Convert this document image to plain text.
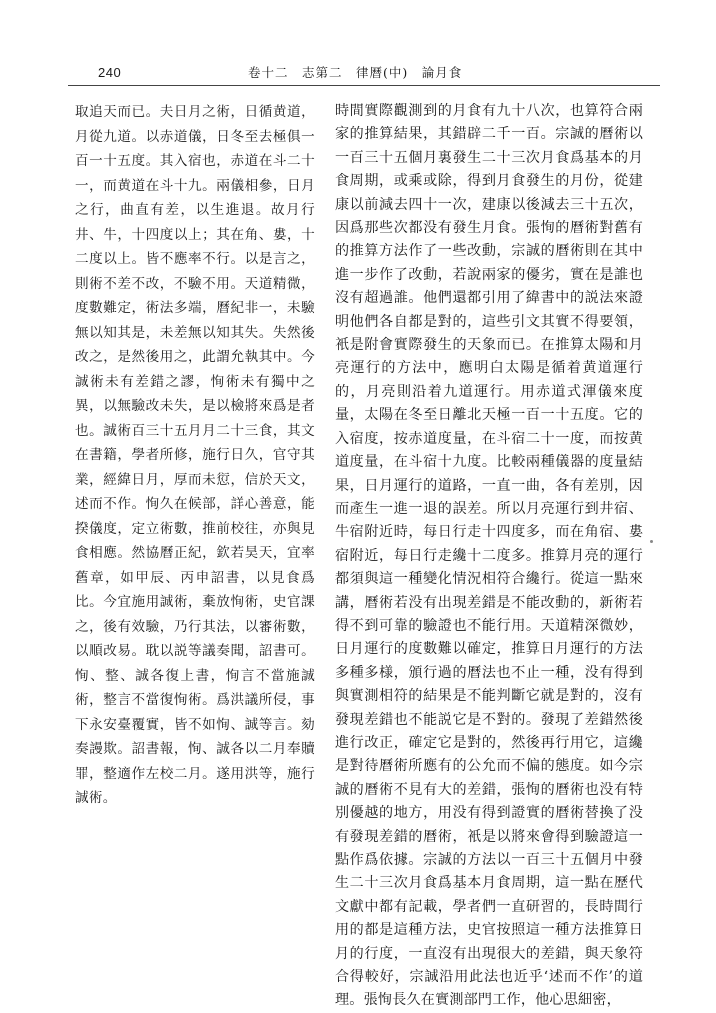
240	卷十二　志第二　律曆(中)　論月食

取追天而已。夫日月之術，日循黄道，月從九道。以赤道儀，日冬至去極俱一百一十五度。其入宿也，赤道在斗二十一，而黄道在斗十九。兩儀相參，日月之行，曲直有差，以生進退。故月行井、牛，十四度以上；其在角、婁，十二度以上。皆不應率不行。以是言之，則術不差不改，不驗不用。天道精微，度數難定，術法多端，曆紀非一，未驗無以知其是，未差無以知其失。失然後改之，是然後用之，此謂允執其中。今誠術未有差錯之謬，恂術未有獨中之異，以無驗改未失，是以檢將來爲是者也。誠術百三十五月月二十三食，其文在書籍，學者所修，施行日久，官守其業，經緯日月，厚而未愆，信於天文，述而不作。恂久在候部，詳心善意，能揆儀度，定立術數，推前校往，亦與見食相應。然協曆正紀，欽若昊天，宜率舊章，如甲辰、丙申詔書，以見食爲比。今宜施用誠術，棄放恂術，史官課之，後有效驗，乃行其法，以審術數，以順改易。耽以説等議奏聞，詔書可。恂、整、誠各復上書，恂言不當施誠術，整言不當復恂術。爲洪議所侵，事下永安臺覆實，皆不如恂、誠等言。劾奏謾欺。詔書報，恂、誠各以二月奉贖罪，整適作左校二月。遂用洪等，施行誠術。

時間實際觀測到的月食有九十八次，也算符合兩家的推算結果，其錯辟二千一百。宗誠的曆術以一百三十五個月裏發生二十三次月食爲基本的月食周期，或乘或除，得到月食發生的月份，從建康以前減去四十一次，建康以後減去三十五次，因爲那些次都没有發生月食。張恂的曆術對舊有的推算方法作了一些改動，宗誠的曆術則在其中進一步作了改動，若說兩家的優劣，實在是誰也沒有超過誰。他們還都引用了緯書中的説法來證明他們各自都是對的，這些引文其實不得要領，衹是附會實際發生的天象而已。在推算太陽和月亮運行的方法中，應明白太陽是循着黄道運行的，月亮則沿着九道運行。用赤道式渾儀來度量，太陽在冬至日離北天極一百一十五度。它的入宿度，按赤道度量，在斗宿二十一度，而按黄道度量，在斗宿十九度。比較兩種儀器的度量結果，日月運行的道路，一直一曲，各有差別，因而產生一進一退的誤差。所以月亮運行到井宿、牛宿附近時，每日行走十四度多，而在角宿、婁宿附近，每日行走纔十二度多。推算月亮的運行都須與這一種變化情況相符合纔行。從這一點來講，曆術若没有出現差錯是不能改動的，新術若得不到可靠的驗證也不能行用。天道精深微妙，日月運行的度數難以確定，推算日月運行的方法多種多様，頒行過的曆法也不止一種，没有得到與實測相符的結果是不能判斷它就是對的，沒有發現差錯也不能説它是不對的。發現了差錯然後進行改正，確定它是對的，然後再行用它，這纔是對待曆術所應有的公允而不偏的態度。如今宗誠的曆術不見有大的差錯，張恂的曆術也没有特別優越的地方，用没有得到證實的曆術替換了没有發現差錯的曆術，衹是以將來會得到驗證這一點作爲依據。宗誠的方法以一百三十五個月中發生二十三次月食爲基本月食周期，這一點在歷代文獻中都有記載，學者們一直研習的，長時間行用的都是這種方法，史官按照這一種方法推算日月的行度，一直沒有出現很大的差錯，與天象符合得較好，宗誠沿用此法也近乎‘述而不作’的道理。張恂長久在實測部門工作，他心思細密，
